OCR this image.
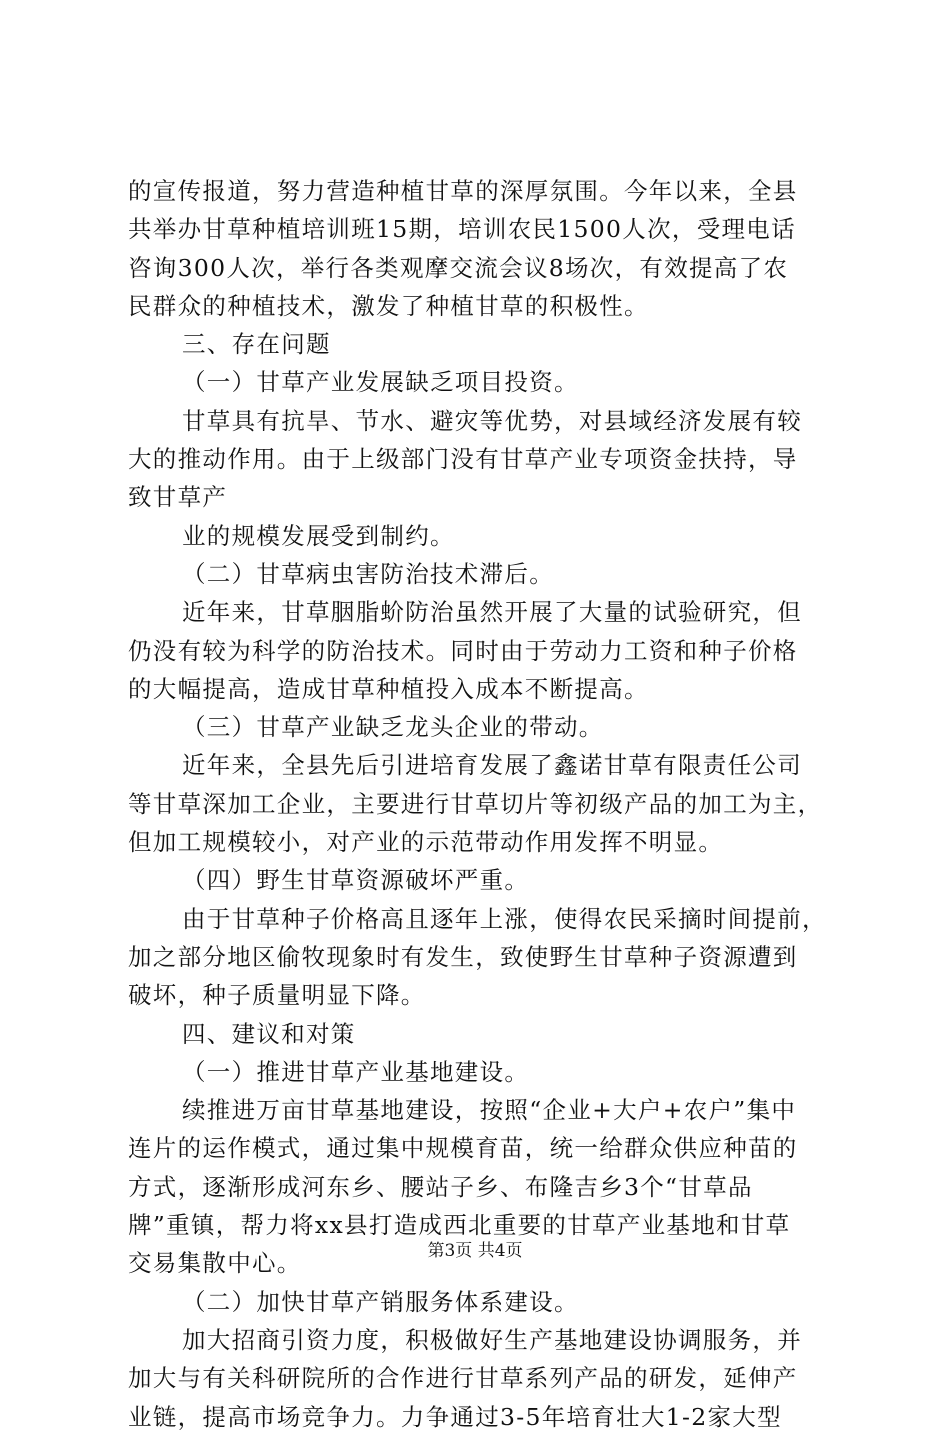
的宣传报道，努力营造种植甘草的深厚氛围。今年以来，全县
共举办甘草种植培训班15期，培训农民1500人次，受理电话
咨询300人次，举行各类观摩交流会议8场次，有效提高了农
民群众的种植技术，激发了种植甘草的积极性。
三、存在问题
（一）甘草产业发展缺乏项目投资。
甘草具有抗旱、节水、避灾等优势，对县域经济发展有较
大的推动作用。由于上级部门没有甘草产业专项资金扶持，导
致甘草产
业的规模发展受到制约。
（二）甘草病虫害防治技术滞后。
近年来，甘草胭脂蚧防治虽然开展了大量的试验研究，但
仍没有较为科学的防治技术。同时由于劳动力工资和种子价格
的大幅提高，造成甘草种植投入成本不断提高。
（三）甘草产业缺乏龙头企业的带动。
近年来，全县先后引进培育发展了鑫诺甘草有限责任公司
等甘草深加工企业，主要进行甘草切片等初级产品的加工为主，
但加工规模较小，对产业的示范带动作用发挥不明显。
（四）野生甘草资源破坏严重。
由于甘草种子价格高且逐年上涨，使得农民采摘时间提前，
加之部分地区偷牧现象时有发生，致使野生甘草种子资源遭到
破坏，种子质量明显下降。
四、建议和对策
（一）推进甘草产业基地建设。
续推进万亩甘草基地建设，按照“企业+大户+农户”集中
连片的运作模式，通过集中规模育苗，统一给群众供应种苗的
方式，逐渐形成河东乡、腰站子乡、布隆吉乡3个“甘草品
牌”重镇，帮力将xx县打造成西北重要的甘草产业基地和甘草
交易集散中心。
（二）加快甘草产销服务体系建设。
加大招商引资力度，积极做好生产基地建设协调服务，并
加大与有关科研院所的合作进行甘草系列产品的研发，延伸产
业链，提高市场竞争力。力争通过3-5年培育壮大1-2家大型
第3页 共4页
